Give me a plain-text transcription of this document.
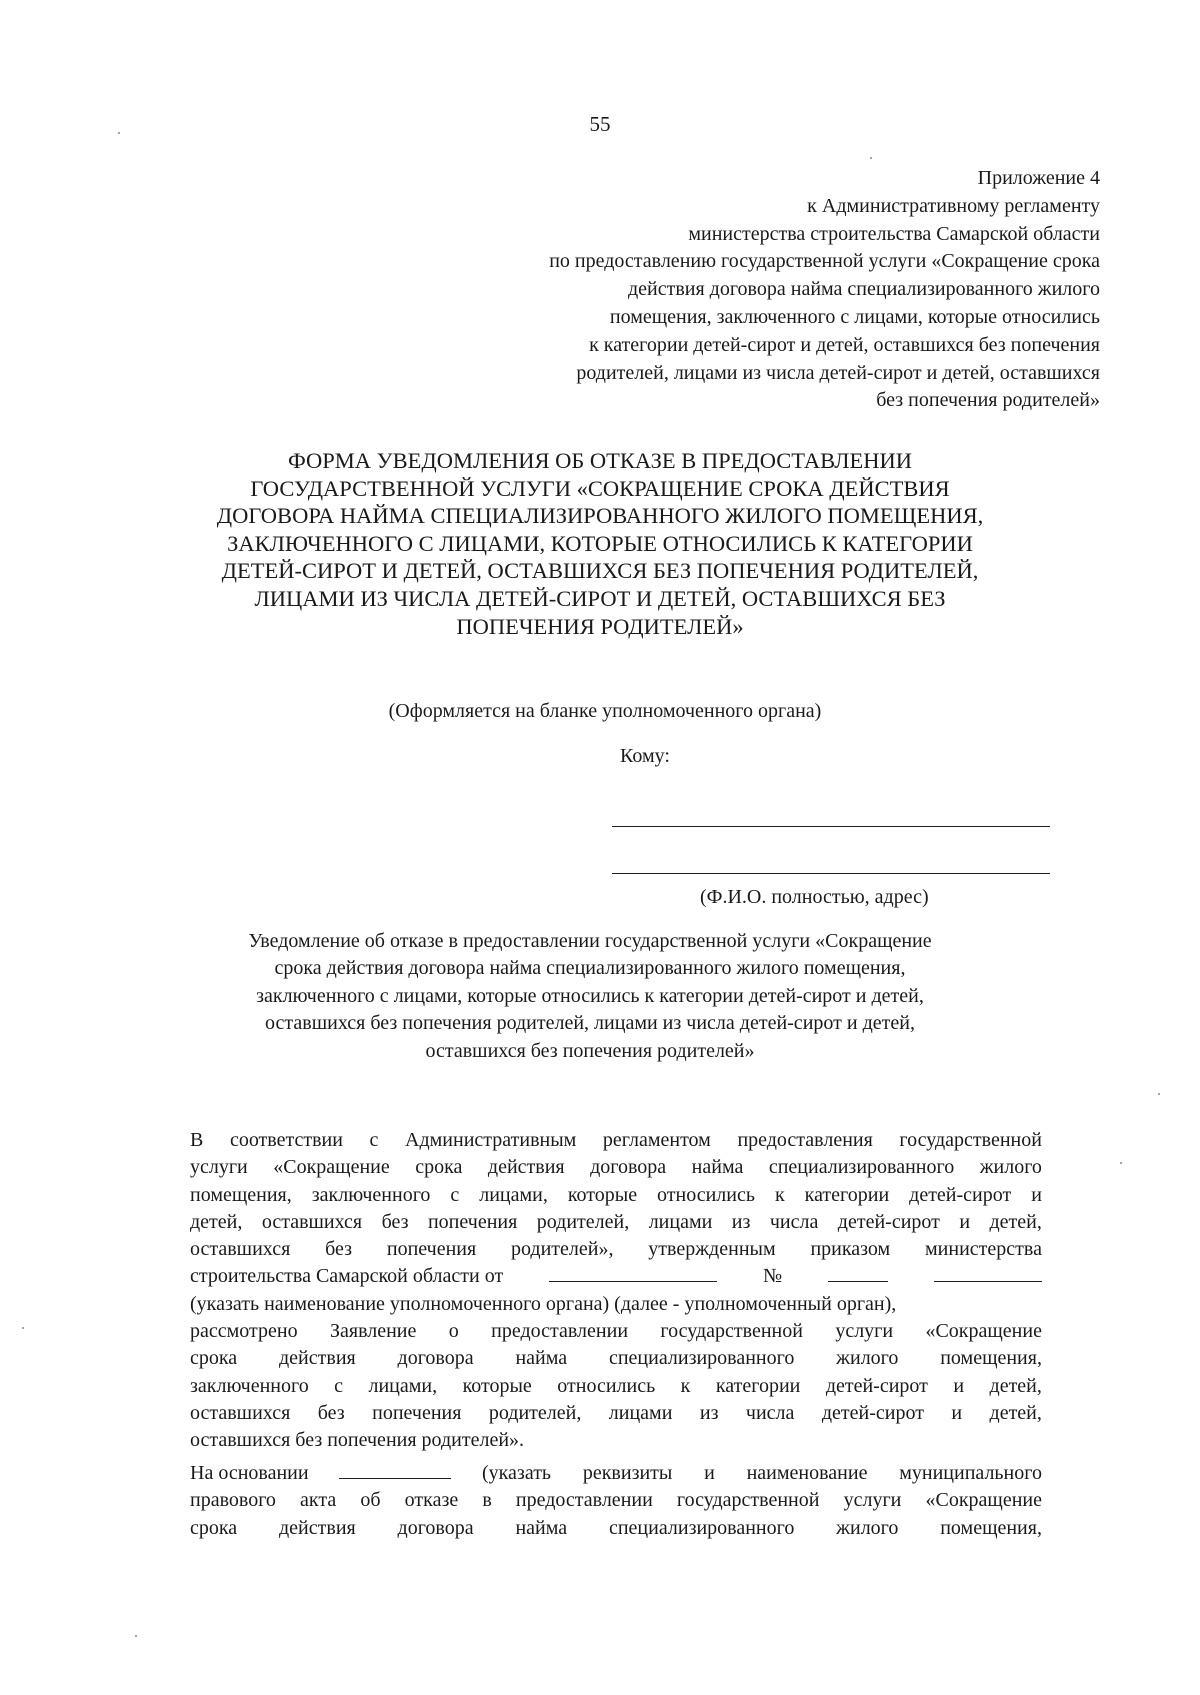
55
Приложение 4
к Административному регламенту
министерства строительства Самарской области
по предоставлению государственной услуги «Сокращение срока
действия договора найма специализированного жилого
помещения, заключенного с лицами, которые относились
к категории детей-сирот и детей, оставшихся без попечения
родителей, лицами из числа детей-сирот и детей, оставшихся
без попечения родителей»
ФОРМА УВЕДОМЛЕНИЯ ОБ ОТКАЗЕ В ПРЕДОСТАВЛЕНИИ
ГОСУДАРСТВЕННОЙ УСЛУГИ «СОКРАЩЕНИЕ СРОКА ДЕЙСТВИЯ
ДОГОВОРА НАЙМА СПЕЦИАЛИЗИРОВАННОГО ЖИЛОГО ПОМЕЩЕНИЯ,
ЗАКЛЮЧЕННОГО С ЛИЦАМИ, КОТОРЫЕ ОТНОСИЛИСЬ К КАТЕГОРИИ
ДЕТЕЙ-СИРОТ И ДЕТЕЙ, ОСТАВШИХСЯ БЕЗ ПОПЕЧЕНИЯ РОДИТЕЛЕЙ,
ЛИЦАМИ ИЗ ЧИСЛА ДЕТЕЙ-СИРОТ И ДЕТЕЙ, ОСТАВШИХСЯ БЕЗ
ПОПЕЧЕНИЯ РОДИТЕЛЕЙ»
(Оформляется на бланке уполномоченного органа)
Кому:
(Ф.И.О. полностью, адрес)
Уведомление об отказе в предоставлении государственной услуги «Сокращение
срока действия договора найма специализированного жилого помещения,
заключенного с лицами, которые относились к категории детей-сирот и детей,
оставшихся без попечения родителей, лицами из числа детей-сирот и детей,
оставшихся без попечения родителей»
В соответствии с Административным регламентом предоставления государственной
услуги «Сокращение срока действия договора найма специализированного жилого
помещения, заключенного с лицами, которые относились к категории детей-сирот и
детей, оставшихся без попечения родителей, лицами из числа детей-сирот и детей,
оставшихся без попечения родителей», утвержденным приказом министерства
строительства Самарской области от	№
(указать наименование уполномоченного органа) (далее - уполномоченный орган),
рассмотрено Заявление о предоставлении государственной услуги «Сокращение
срока действия договора найма специализированного жилого помещения,
заключенного с лицами, которые относились к категории детей-сирот и детей,
оставшихся без попечения родителей, лицами из числа детей-сирот и детей,
оставшихся без попечения родителей».
На основании	(указать реквизиты и наименование муниципального
правового акта об отказе в предоставлении государственной услуги «Сокращение
срока действия договора найма специализированного жилого помещения,
